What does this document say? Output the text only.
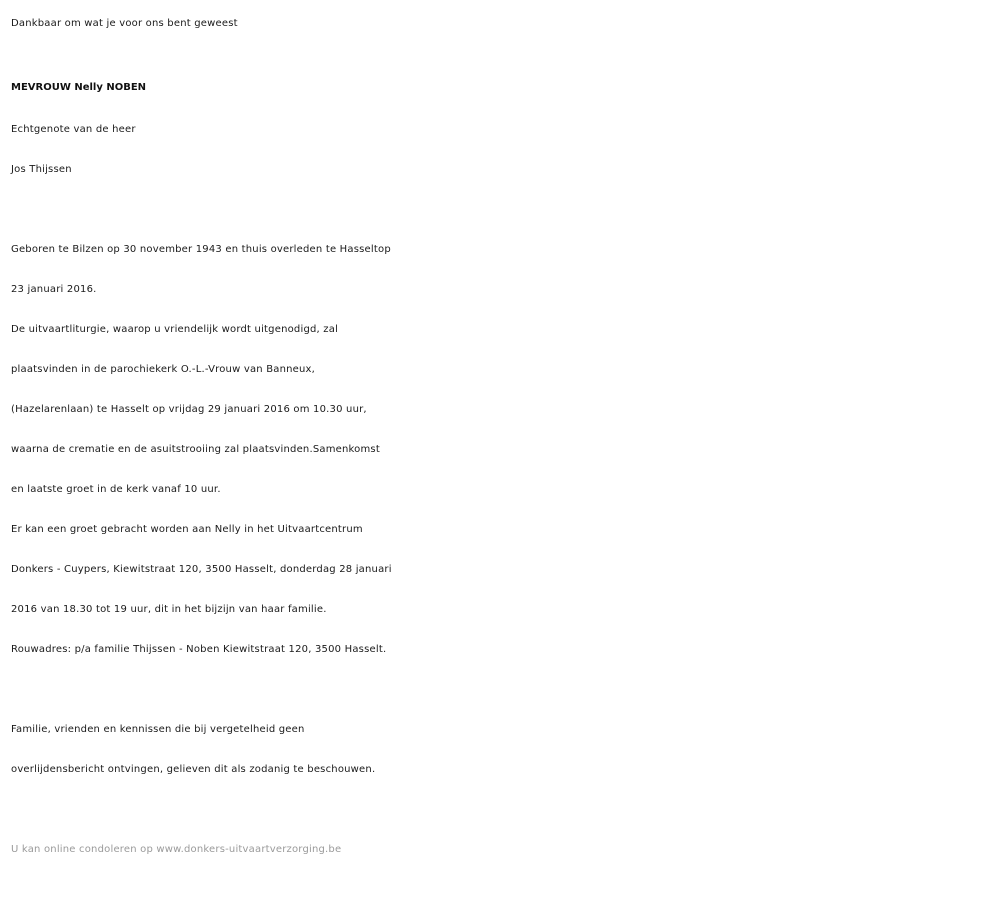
Dankbaar om wat je voor ons bent geweest
MEVROUW Nelly NOBEN
Echtgenote van de heer
Jos Thijssen
Geboren te Bilzen op 30 november 1943 en thuis overleden te Hasseltop
23 januari 2016.
De uitvaartliturgie, waarop u vriendelijk wordt uitgenodigd, zal
plaatsvinden in de parochiekerk O.-L.-Vrouw van Banneux,
(Hazelarenlaan) te Hasselt op vrijdag 29 januari 2016 om 10.30 uur,
waarna de crematie en de asuitstrooiing zal plaatsvinden.Samenkomst
en laatste groet in de kerk vanaf 10 uur.
Er kan een groet gebracht worden aan Nelly in het Uitvaartcentrum
Donkers - Cuypers, Kiewitstraat 120, 3500 Hasselt, donderdag 28 januari
2016 van 18.30 tot 19 uur, dit in het bijzijn van haar familie.
Rouwadres: p/a familie Thijssen - Noben Kiewitstraat 120, 3500 Hasselt.
Familie, vrienden en kennissen die bij vergetelheid geen
overlijdensbericht ontvingen, gelieven dit als zodanig te beschouwen.
U kan online condoleren op www.donkers-uitvaartverzorging.be
